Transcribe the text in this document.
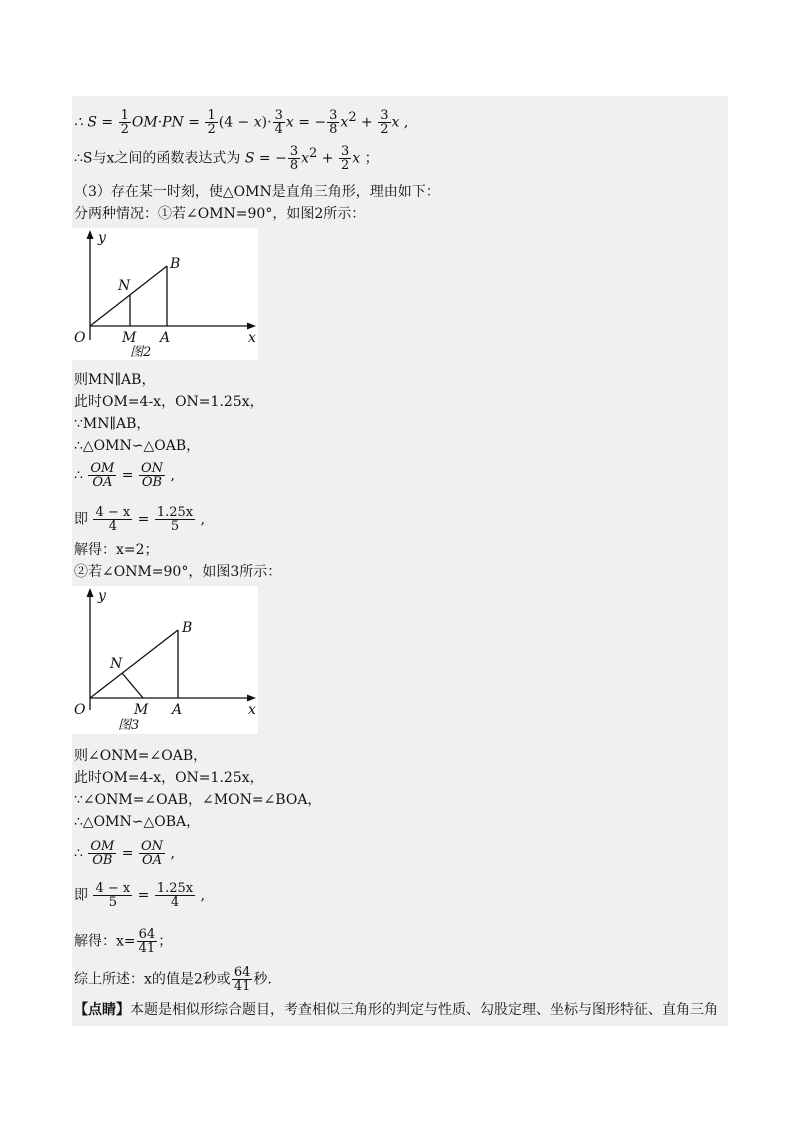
∴ $S = \frac{1}{2} OM\cdot PN = \frac{1}{2} (4 - x)\cdot \frac{3}{4}$ x = − $\frac{3}{8} x^2 + \frac{3}{2}$ x ,
∴S与x之间的函数表达式为 S = − $\frac{3}{8} x^2 + \frac{3}{2}$ x ；
（3）存在某一时刻，使△OMN是直角三角形，理由如下：
分两种情况：①若∠OMN=90°，如图2所示：
y
x
O	M A
N
B
图2
则MN∥AB，
此时OM=4-x，ON=1.25x，
∵MN∥AB，
∴△OMN∽△OAB，
∴ $\frac{OM}{OA} = \frac{ON}{OB}$ ,
即 $\frac{4 - x}{4} = \frac{1.25x}{5}$ ,
解得：x=2；
②若∠ONM=90°，如图3所示：
y
x
O	M A
N
B
图3
则∠ONM=∠OAB，
此时OM=4-x，ON=1.25x，
∵∠ONM=∠OAB，∠MON=∠BOA，
∴△OMN∽△OBA，
∴ $\frac{OM}{OB} = \frac{ON}{OA}$ ,
即 $\frac{4 - x}{5} = \frac{1.25x}{4}$ ,
解得：$x= \frac{64}{41}$ ；
综上所述：x的值是2秒或 $\frac{64}{41}$ 秒.
【点睛】本题是相似形综合题目，考查相似三角形的判定与性质、勾股定理、坐标与图形特征、直角三角
